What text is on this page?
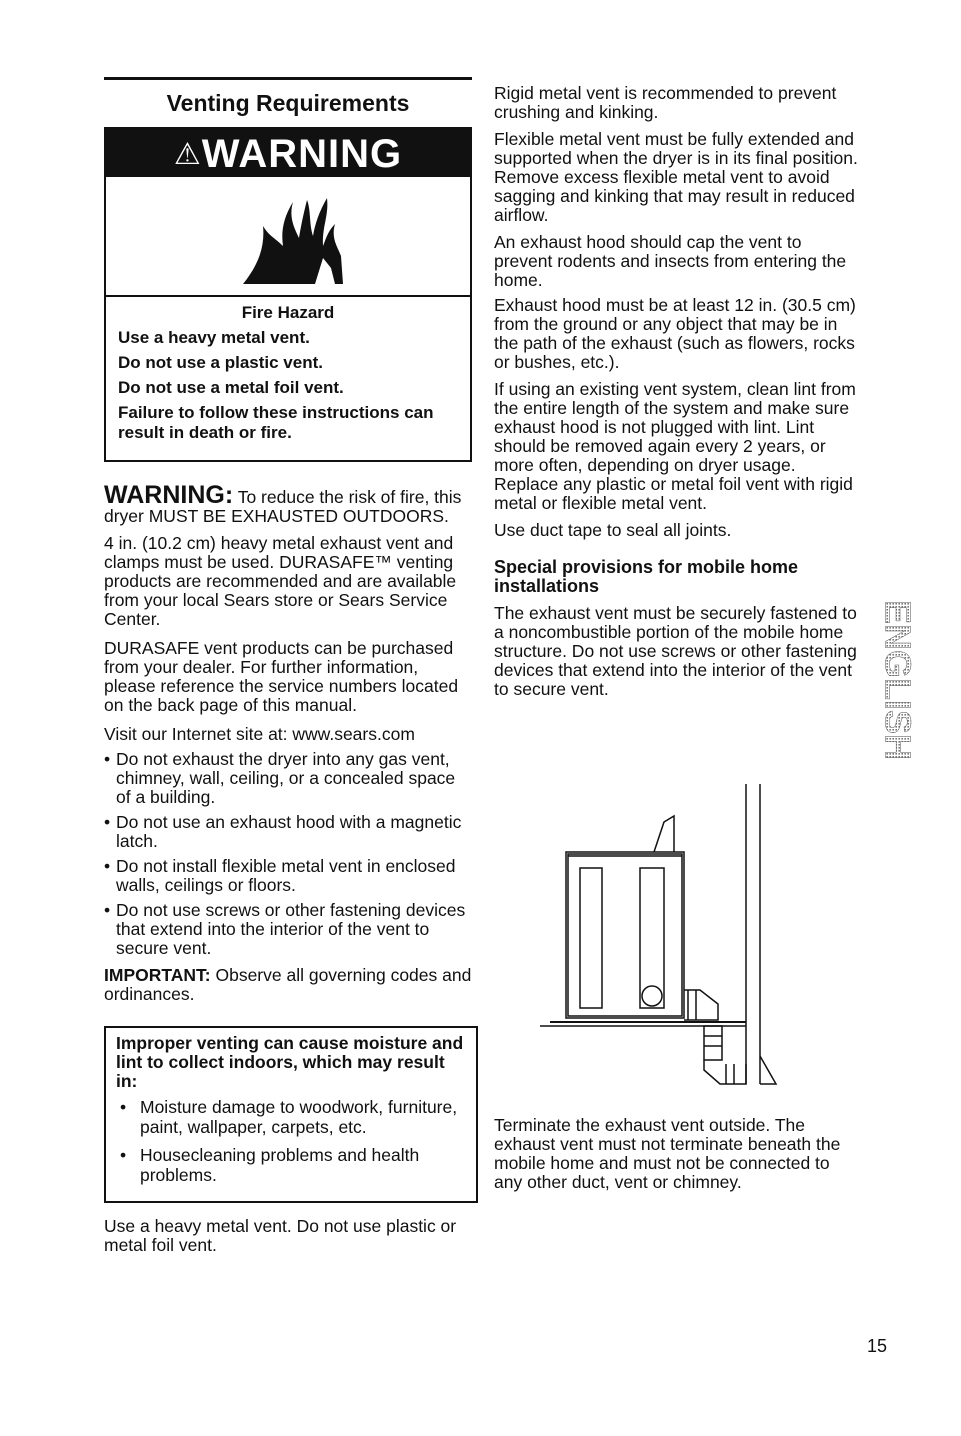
Venting Requirements
⚠WARNING
Fire Hazard

Use a heavy metal vent.

Do not use a plastic vent.

Do not use a metal foil vent.

Failure to follow these instructions can result in death or fire.

WARNING: To reduce the risk of fire, this dryer MUST BE EXHAUSTED OUTDOORS.

4 in. (10.2 cm) heavy metal exhaust vent and clamps must be used. DURASAFE™ venting products are recommended and are available from your local Sears store or Sears Service Center.

DURASAFE vent products can be purchased from your dealer. For further information, please reference the service numbers located on the back page of this manual.

Visit our Internet site at: www.sears.com

• Do not exhaust the dryer into any gas vent, chimney, wall, ceiling, or a concealed space of a building.
• Do not use an exhaust hood with a magnetic latch.
• Do not install flexible metal vent in enclosed walls, ceilings or floors.
• Do not use screws or other fastening devices that extend into the interior of the vent to secure vent.

IMPORTANT: Observe all governing codes and ordinances.

Improper venting can cause moisture and lint to collect indoors, which may result in:
• Moisture damage to woodwork, furniture, paint, wallpaper, carpets, etc.
• Housecleaning problems and health problems.

Use a heavy metal vent. Do not use plastic or metal foil vent.

Rigid metal vent is recommended to prevent crushing and kinking.

Flexible metal vent must be fully extended and supported when the dryer is in its final position. Remove excess flexible metal vent to avoid sagging and kinking that may result in reduced airflow.

An exhaust hood should cap the vent to prevent rodents and insects from entering the home.

Exhaust hood must be at least 12 in. (30.5 cm) from the ground or any object that may be in the path of the exhaust (such as flowers, rocks or bushes, etc.).

If using an existing vent system, clean lint from the entire length of the system and make sure exhaust hood is not plugged with lint. Lint should be removed again every 2 years, or more often, depending on dryer usage. Replace any plastic or metal foil vent with rigid metal or flexible metal vent.

Use duct tape to seal all joints.

Special provisions for mobile home installations

The exhaust vent must be securely fastened to a noncombustible portion of the mobile home structure. Do not use screws or other fastening devices that extend into the interior of the vent to secure vent.

Terminate the exhaust vent outside. The exhaust vent must not terminate beneath the mobile home and must not be connected to any other duct, vent or chimney.

ENGLISH
15
